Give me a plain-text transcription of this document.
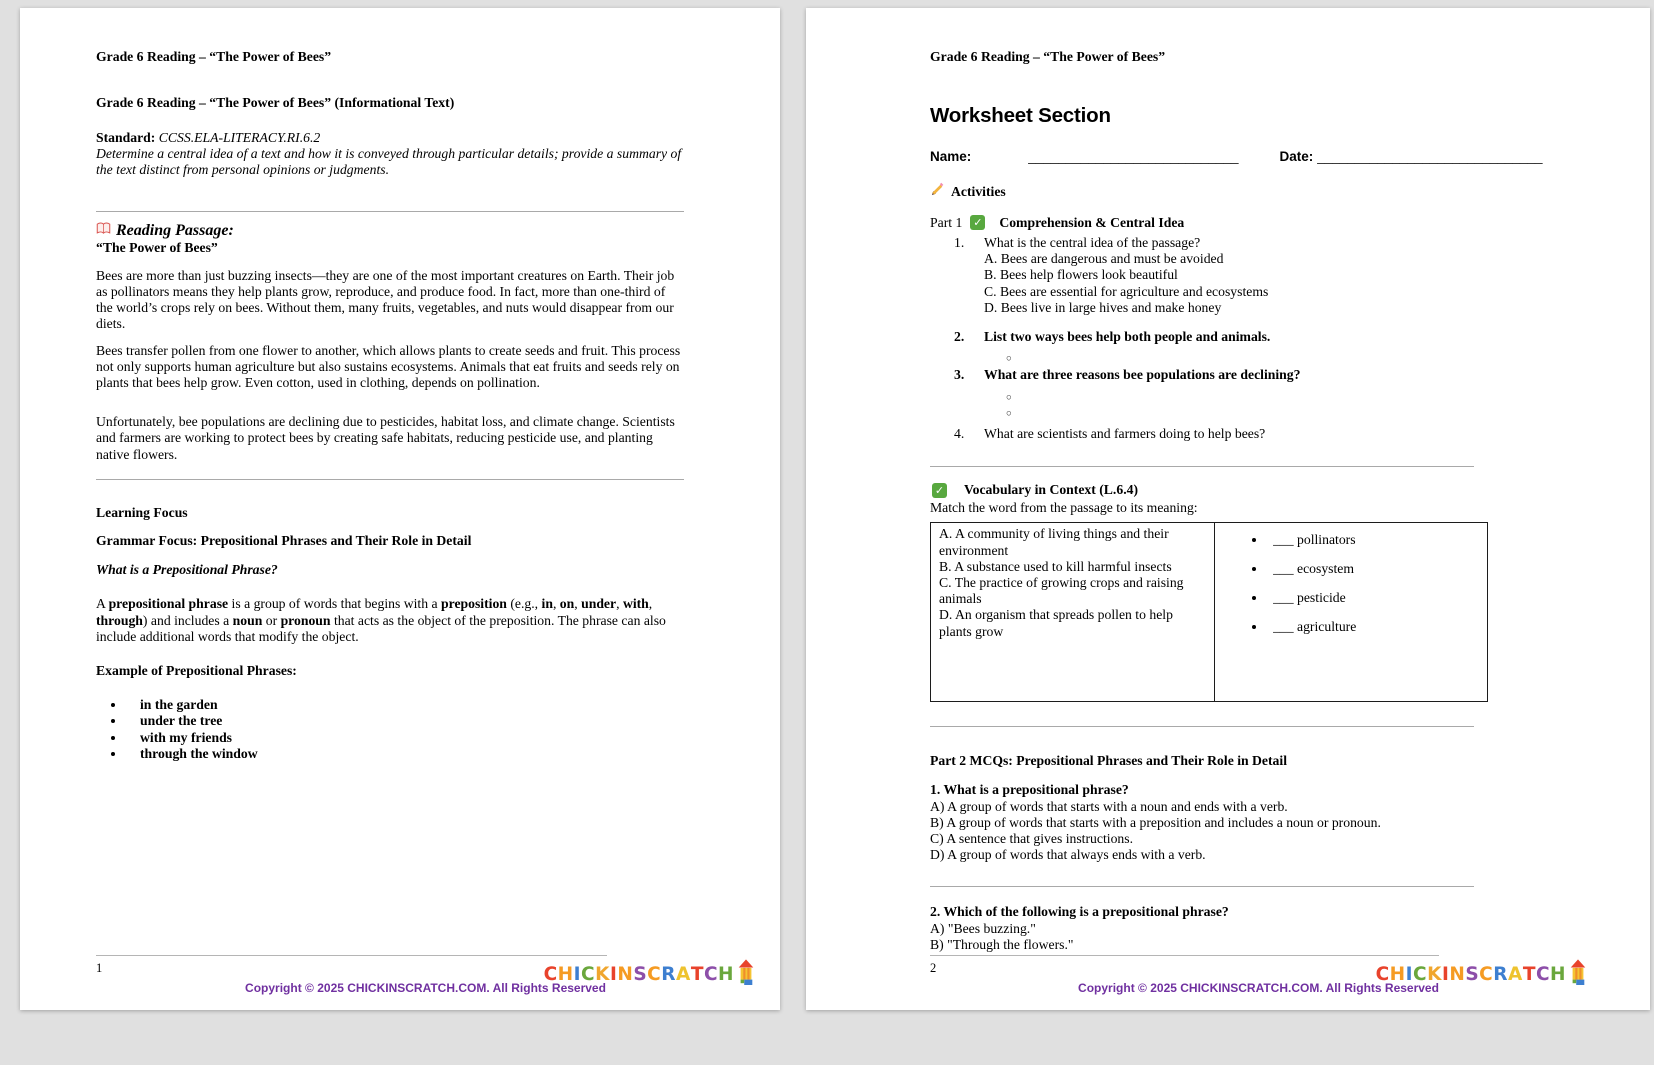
Grade 6 Reading – “The Power of Bees”
Grade 6 Reading – “The Power of Bees” (Informational Text)

Standard: CCSS.ELA-LITERACY.RI.6.2

Determine a central idea of a text and how it is conveyed through particular details; provide a summary of the text distinct from personal opinions or judgments.

Reading Passage:
“The Power of Bees”

Bees are more than just buzzing insects—they are one of the most important creatures on Earth. Their job as pollinators means they help plants grow, reproduce, and produce food. In fact, more than one-third of the world’s crops rely on bees. Without them, many fruits, vegetables, and nuts would disappear from our diets.

Bees transfer pollen from one flower to another, which allows plants to create seeds and fruit. This process not only supports human agriculture but also sustains ecosystems. Animals that eat fruits and seeds rely on plants that bees help grow. Even cotton, used in clothing, depends on pollination.

Unfortunately, bee populations are declining due to pesticides, habitat loss, and climate change. Scientists and farmers are working to protect bees by creating safe habitats, reducing pesticide use, and planting native flowers.

Learning Focus
Grammar Focus: Prepositional Phrases and Their Role in Detail
What is a Prepositional Phrase?

A prepositional phrase is a group of words that begins with a preposition (e.g., in, on, under, with, through) and includes a noun or pronoun that acts as the object of the preposition. The phrase can also include additional words that modify the object.

Example of Prepositional Phrases:
• in the garden
• under the tree
• with my friends
• through the window
1	C H I C K I N S C R A T C H
Copyright © 2025 CHICKINSCRATCH.COM. All Rights Reserved
Grade 6 Reading – “The Power of Bees”
Worksheet Section
Name:	____________________________	Date: ______________________________
Activities
Part 1 ✓	Comprehension & Central Idea
1.	What is the central idea of the passage?
A. Bees are dangerous and must be avoided
B. Bees help flowers look beautiful
C. Bees are essential for agriculture and ecosystems
D. Bees live in large hives and make honey
2.	List two ways bees help both people and animals.
○
3.	What are three reasons bee populations are declining?
○
○
4.	What are scientists and farmers doing to help bees?
✓
Vocabulary in Context (L.6.4)

Match the word from the passage to its meaning:

A. A community of living things and their environment
B. A substance used to kill harmful insects
C. The practice of growing crops and raising animals
D. An organism that spreads pollen to help plants grow

• ___ pollinators
• ___ ecosystem
• ___ pesticide
• ___ agriculture
Part 2 MCQs: Prepositional Phrases and Their Role in Detail
1. What is a prepositional phrase?
A) A group of words that starts with a noun and ends with a verb.
B) A group of words that starts with a preposition and includes a noun or pronoun.
C) A sentence that gives instructions.
D) A group of words that always ends with a verb.
2. Which of the following is a prepositional phrase?
A) "Bees buzzing."
B) "Through the flowers."
2	C H I C K I N S C R A T C H
Copyright © 2025 CHICKINSCRATCH.COM. All Rights Reserved
